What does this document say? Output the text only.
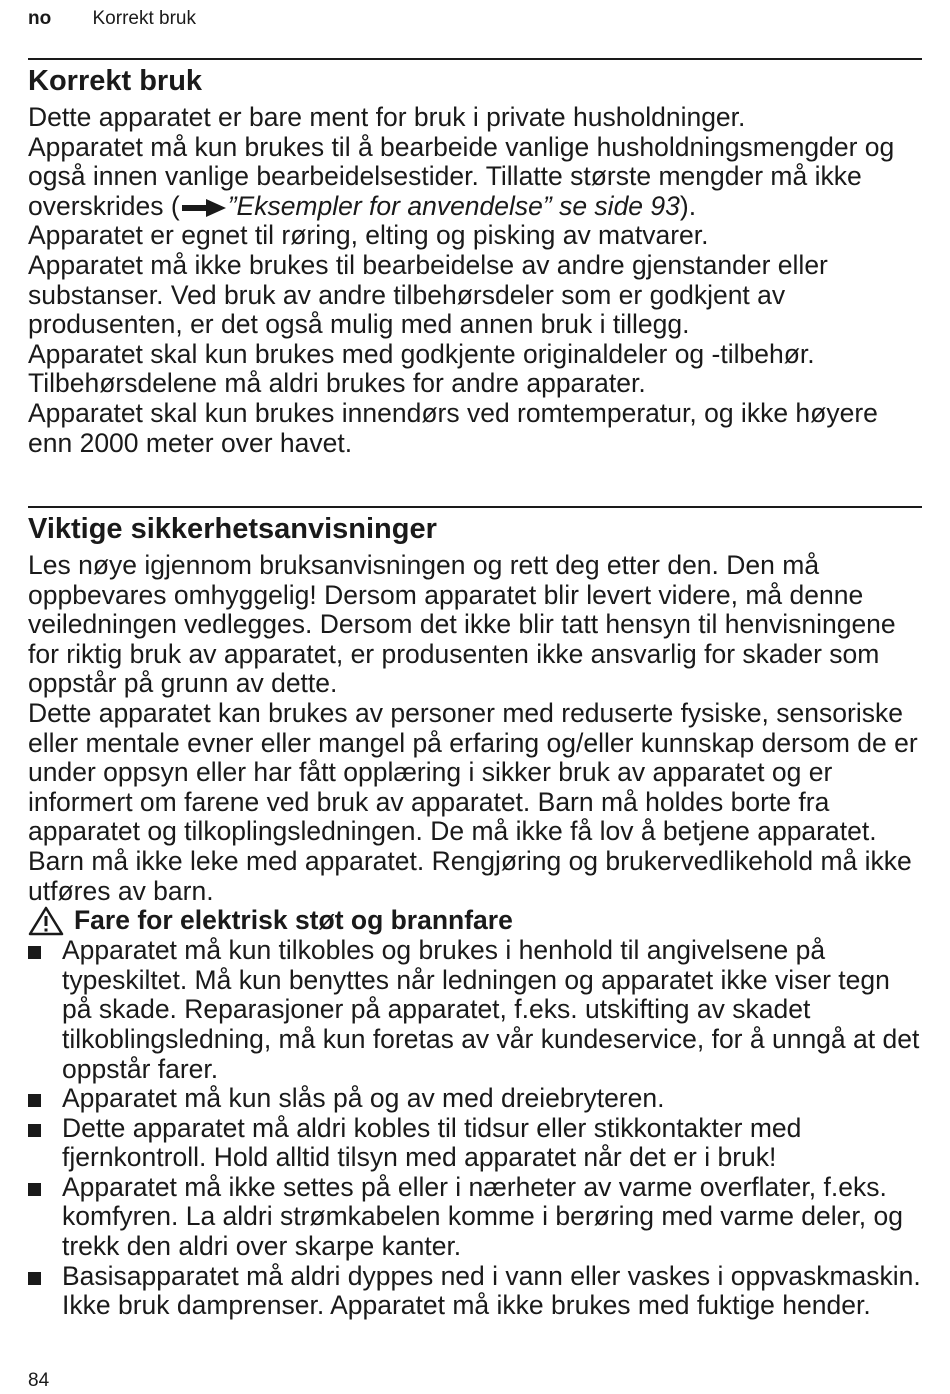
no Korrekt bruk
Korrekt bruk

Dette apparatet er bare ment for bruk i private husholdninger.

Apparatet må kun brukes til å bearbeide vanlige husholdningsmengder og også innen vanlige bearbeidelsestider. Tillatte største mengder må ikke overskrides ( ”Eksempler for anvendelse” se side 93).

Apparatet er egnet til røring, elting og pisking av matvarer.

Apparatet må ikke brukes til bearbeidelse av andre gjenstander eller substanser. Ved bruk av andre tilbehørsdeler som er godkjent av produsenten, er det også mulig med annen bruk i tillegg.

Apparatet skal kun brukes med godkjente originaldeler og -tilbehør. Tilbehørsdelene må aldri brukes for andre apparater.

Apparatet skal kun brukes innendørs ved romtemperatur, og ikke høyere enn 2000 meter over havet.

Viktige sikkerhetsanvisninger

Les nøye igjennom bruksanvisningen og rett deg etter den. Den må oppbevares omhyggelig! Dersom apparatet blir levert videre, må denne veiledningen vedlegges. Dersom det ikke blir tatt hensyn til henvisningene for riktig bruk av apparatet, er produsenten ikke ansvarlig for skader som oppstår på grunn av dette.

Dette apparatet kan brukes av personer med reduserte fysiske, sensoriske eller mentale evner eller mangel på erfaring og/eller kunnskap dersom de er under oppsyn eller har fått opplæring i sikker bruk av apparatet og er informert om farene ved bruk av apparatet. Barn må holdes borte fra apparatet og tilkoplingsledningen. De må ikke få lov å betjene apparatet. Barn må ikke leke med apparatet. Rengjøring og brukervedlikehold må ikke utføres av barn.

Fare for elektrisk støt og brannfare
Apparatet må kun tilkobles og brukes i henhold til angivelsene på typeskiltet. Må kun benyttes når ledningen og apparatet ikke viser tegn på skade. Reparasjoner på apparatet, f.eks. utskifting av skadet tilkoblingsledning, må kun foretas av vår kundeservice, for å unngå at det oppstår farer.
Apparatet må kun slås på og av med dreiebryteren.
Dette apparatet må aldri kobles til tidsur eller stikkontakter med fjernkontroll. Hold alltid tilsyn med apparatet når det er i bruk!
Apparatet må ikke settes på eller i nærheter av varme overflater, f.eks. komfyren. La aldri strømkabelen komme i berøring med varme deler, og trekk den aldri over skarpe kanter.
Basisapparatet må aldri dyppes ned i vann eller vaskes i oppvaskmaskin. Ikke bruk damprenser. Apparatet må ikke brukes med fuktige hender.
84
